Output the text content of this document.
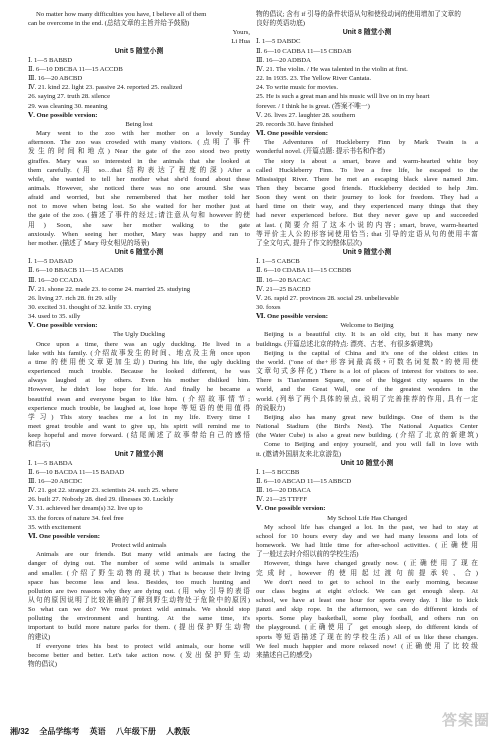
No matter how many difficulties you have, I believe all of them
can be overcome in the end. (总结文章的主旨并给予鼓励)
Yours,
Li Hua
Unit 5 随堂小测
Ⅰ. 1—5 BABBD
Ⅱ. 6—10 DBCBA 11—15 ACCDB
Ⅲ. 16—20 ABCBD
Ⅳ. 21. kind 22. light 23. passive 24. reported 25. realized
26. saying 27. truth 28. silence
29. was cleaning 30. meaning
Ⅴ. One possible version:
Being lost
Mary went to the zoo with her mother on a lovely Sunday
afternoon. The zoo was crowded with many visitors. (点明了事件
发生的时间和地点) Near the gate of the zoo stood two pretty
giraffes. Mary was so interested in the animals that she looked at
them carefully. (用 so…that 结构表达了程度的深) After a
while, she wanted to tell her mother what she'd found about these
animals. However, she noticed there was no one around. She was
afraid and worried, but she remembered that her mother told her
not to move when being lost. So she waited for her mother just at
the gate of the zoo. (描述了事件的经过;请注意从句和 however 的使
用) Soon, she saw her mother walking to the gate
anxiously. When seeing her mother, Mary was happy and ran to
her mother. (描述了 Mary 母女相见的场景)
Unit 6 随堂小测
Ⅰ. 1—5 DABAD
Ⅱ. 6—10 BBACB 11—15 ACADB
Ⅲ. 16—20 CCADA
Ⅳ. 21. shone 22. made 23. to come 24. married 25. studying
26. living 27. rich 28. fit 29. silly
30. excited 31. thought of 32. knife 33. crying
34. used to 35. silly
Ⅴ. One possible version:
The Ugly Duckling
Once upon a time, there was an ugly duckling. He lived in a
lake with his family. (介绍故事发生的时间、地点及主角 once upon
a time 的使用使文章更加生动) During his life, the ugly duckling
experienced much trouble. Because he looked different, he was
always laughed at by others. Even his mother disliked him.
However, he didn't lose hope for life. And finally he became a
beautiful swan and everyone began to like him. (介绍故事情节;
experience much trouble, be laughed at, lose hope 等短语的使用值得
学习) This story teaches me a lot in my life. Every time I
meet great trouble and want to give up, his spirit will remind me to
keep hopeful and move forward. (结尾阐述了故事带给自己的感悟
和启示)
Unit 7 随堂小测
Ⅰ. 1—5 BABDA
Ⅱ. 6—10 BACDA 11—15 BADAD
Ⅲ. 16—20 ABCDC
Ⅳ. 21. got 22. stranger 23. scientists 24. such 25. where
26. built 27. Nobody 28. died 29. illnesses 30. Luckily
Ⅴ. 31. achieved her dream(s) 32. live up to
33. the forces of nature 34. feel free
35. with excitement
Ⅵ. One possible version:
Protect wild animals
Animals are our friends. But many wild animals are facing the
danger of dying out. The number of some wild animals is smaller
and smaller. (介绍了野生动物的现状) That is because their living
space has become less and less. Besides, too much hunting and
pollution are two reasons why they are dying out. (用 why 引导的表语
从句的原因说明了比较准确的了解到野生动物处于危险中的原因)
So what can we do? We must protect wild animals. We should stop
polluting the environment and hunting. At the same time, it's
important to build more nature parks for them. (提出保护野生动物
的建议)
If everyone tries his best to protect wild animals, our home will
become better and better. Let's take action now. (发出保护野生动
物的倡议)
物的倡议; 含有 if 引导的条件状语从句和使役动词的使用增加了文章的
良好的英语功底)
Unit 8 随堂小测
Ⅰ. 1—5 DABDC
Ⅱ. 6—10 CADBA 11—15 CBDAB
Ⅲ. 16—20 ADBDA
Ⅳ. 21. The violin. / He was talented in the violin at first.
22. In 1935. 23. The Yellow River Cantata.
24. To write music for movies.
25. He is such a great man and his music will live on in my heart
forever. / I think he is great. (答案不唯一)
Ⅴ. 26. lives 27. laughter 28. southern
29. records 30. have finished
Ⅵ. One possible version:
The Adventures of Huckleberry Finn by Mark Twain is a
wonderful novel. (开篇点题: 提示书名和作者)
The story is about a smart, brave and warm-hearted white boy
called Huckleberry Finn. To live a free life, he escaped to the
Mississippi River. There he met an escaping black slave named Jim.
Then they became good friends. Huckleberry decided to help Jim.
Soon they went on their journey to look for freedom. They had a
hard time on their way, and they experienced many things that they
had never experienced before. But they never gave up and succeeded
at last. (简要介绍了这本小说的内容; smart, brave, warm-hearted
等评价主人公的形容词使用恰当; that 引导的定语从句的使用丰富
了全文句式, 提升了作文的整体层次)
Unit 9 随堂小测
Ⅰ. 1—5 CABCB
Ⅱ. 6—10 CDABA 11—15 CCBDB
Ⅲ. 16—20 BACAC
Ⅳ. 21—25 BACED
Ⅴ. 26. rapid 27. provinces 28. social 29. unbelievable
30. foxes
Ⅵ. One possible version:
Welcome to Beijing
Beijing is a beautiful city. It is an old city, but it has many new
buildings. (开篇总述北京的特点: 漂亮、古老、有很多新建筑)
Beijing is the capital of China and it's one of the oldest cities in
the world. ("one of the+形容词最高级+可数名词复数"的使用使
文章句式多样化) There is a lot of places of interest for visitors to see.
There is Tian'anmen Square, one of the biggest city squares in the
world, and the Great Wall, one of the greatest wonders in the
world. (列举了两个具体的景点, 说明了完善推荐的作用, 具有一定
的说服力)
Beijing also has many great new buildings. One of them is the
National Stadium (the Bird's Nest). The National Aquatics Center
(the Water Cube) is also a great new building. (介绍了北京的新建筑)
Come to Beijing and enjoy yourself, and you will fall in love with
it. (邀请外国朋友来北京游览)
Unit 10 随堂小测
Ⅰ. 1—5 BCCBB
Ⅱ. 6—10 ABCAD 11—15 ABBCD
Ⅲ. 16—20 DBACA
Ⅳ. 21—25 TTFFF
Ⅴ. One possible version:
My School Life Has Changed
My school life has changed a lot. In the past, we had to stay at
school for 10 hours every day and we had many lessons and lots of
homework. We had little time for after-school activities. (正确使用
了一般过去时介绍以前的学校生活)
However, things have changed greatly now. (正确使用了现在
完成时, however 的使用起过渡句前提承转、合)
We don't need to get to school in the early morning, because
our class begins at eight o'clock. We can get enough sleep. At
school, we have at least one hour for sports every day. I like to kick
jianzi and skip rope. In the afternoon, we can do different kinds of
sports. Some play basketball, some play football, and others run on
the playground. (正确使用了 get enough sleep, do different kinds of
sports 等短语描述了现在的学校生活) All of us like these changes.
We feel much happier and more relaxed now! (正确使用了比较级
来描述自己的感受)
湘/32 全品学练考 英语 八年级下册 人教版
答案圈
